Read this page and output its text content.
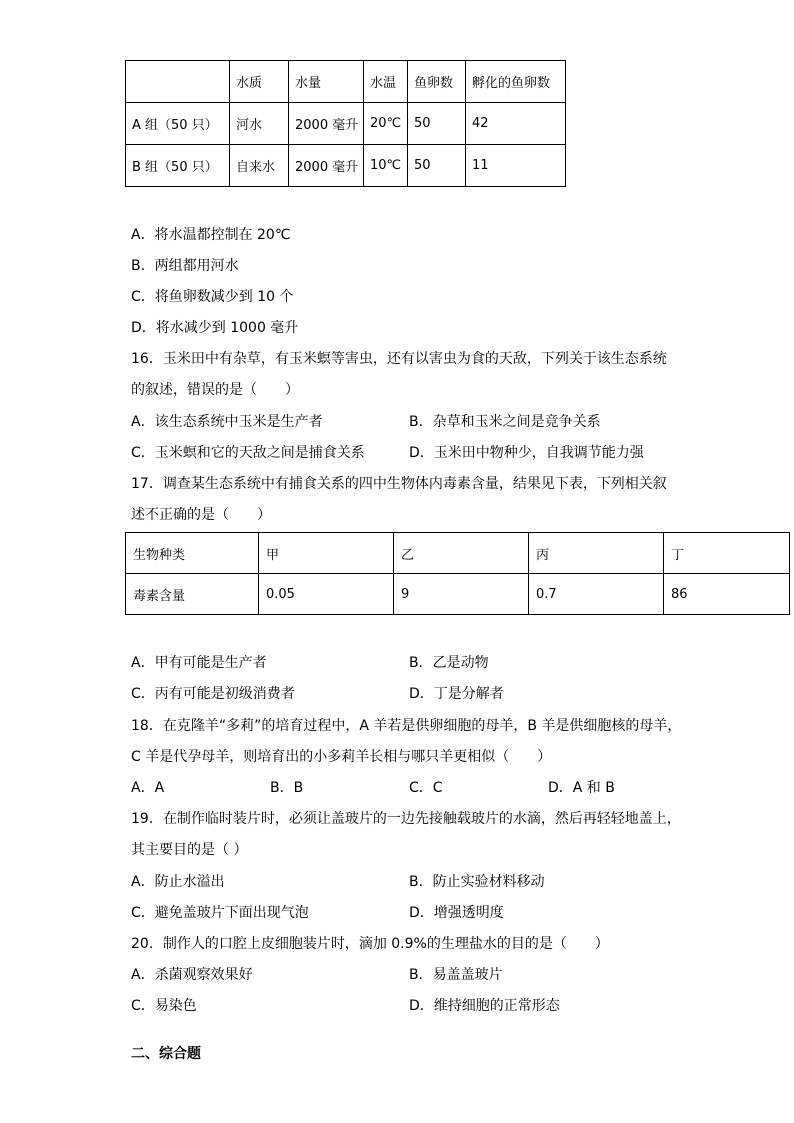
	水质	水量	水温	鱼卵数	孵化的鱼卵数
A 组（50 只）	河水	2000 毫升	20℃	50	42
B 组（50 只）	自来水	2000 毫升	10℃	50	11
A．将水温都控制在 20℃
B．两组都用河水
C．将鱼卵数减少到 10 个
D．将水减少到 1000 毫升
16．玉米田中有杂草，有玉米螟等害虫，还有以害虫为食的天敌，下列关于该生态系统
的叙述，错误的是（　　）
A．该生态系统中玉米是生产者	B．杂草和玉米之间是竞争关系
C．玉米螟和它的天敌之间是捕食关系	D．玉米田中物种少，自我调节能力强
17．调查某生态系统中有捕食关系的四中生物体内毒素含量，结果见下表，下列相关叙
述不正确的是（　　）
生物种类	甲	乙	丙	丁
毒素含量	0.05	9	0.7	86
A．甲有可能是生产者	B．乙是动物
C．丙有可能是初级消费者	D．丁是分解者
18．在克隆羊“多莉”的培育过程中，A 羊若是供卵细胞的母羊，B 羊是供细胞核的母羊，
C 羊是代孕母羊，则培育出的小多莉羊长相与哪只羊更相似（　　）
A．A	B．B	C．C	D．A 和 B
19．在制作临时装片时，必须让盖玻片的一边先接触载玻片的水滴，然后再轻轻地盖上，
其主要目的是（ ）
A．防止水溢出	B．防止实验材料移动
C．避免盖玻片下面出现气泡	D．增强透明度
20．制作人的口腔上皮细胞装片时，滴加 0.9%的生理盐水的目的是（　　）
A．杀菌观察效果好	B．易盖盖玻片
C．易染色	D．维持细胞的正常形态
二、综合题
